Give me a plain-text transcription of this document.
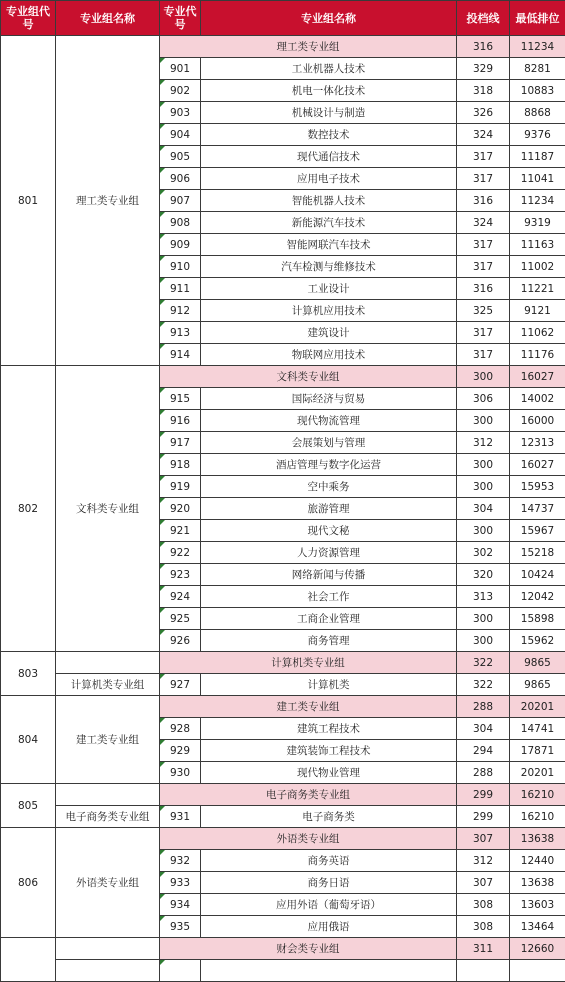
专业组代号	专业组名称	专业代号	专业组名称	投档线	最低排位
801	理工类专业组	理工类专业组		316	11234
		901	工业机器人技术	329	8281
		902	机电一体化技术	318	10883
		903	机械设计与制造	326	8868
		904	数控技术	324	9376
		905	现代通信技术	317	11187
		906	应用电子技术	317	11041
		907	智能机器人技术	316	11234
		908	新能源汽车技术	324	9319
		909	智能网联汽车技术	317	11163
		910	汽车检测与维修技术	317	11002
		911	工业设计	316	11221
		912	计算机应用技术	325	9121
		913	建筑设计	317	11062
		914	物联网应用技术	317	11176
802	文科类专业组	文科类专业组		300	16027
		915	国际经济与贸易	306	14002
		916	现代物流管理	300	16000
		917	会展策划与管理	312	12313
		918	酒店管理与数字化运营	300	16027
		919	空中乘务	300	15953
		920	旅游管理	304	14737
		921	现代文秘	300	15967
		922	人力资源管理	302	15218
		923	网络新闻与传播	320	10424
		924	社会工作	313	12042
		925	工商企业管理	300	15898
		926	商务管理	300	15962
803		计算机类专业组		322	9865
	计算机类专业组	927	计算机类	322	9865
804	建工类专业组	建工类专业组		288	20201
		928	建筑工程技术	304	14741
		929	建筑装饰工程技术	294	17871
		930	现代物业管理	288	20201
805		电子商务类专业组		299	16210
	电子商务类专业组	931	电子商务类	299	16210
806	外语类专业组	外语类专业组		307	13638
		932	商务英语	312	12440
		933	商务日语	307	13638
		934	应用外语（葡萄牙语）	308	13603
		935	应用俄语	308	13464
		财会类专业组		311	12660
